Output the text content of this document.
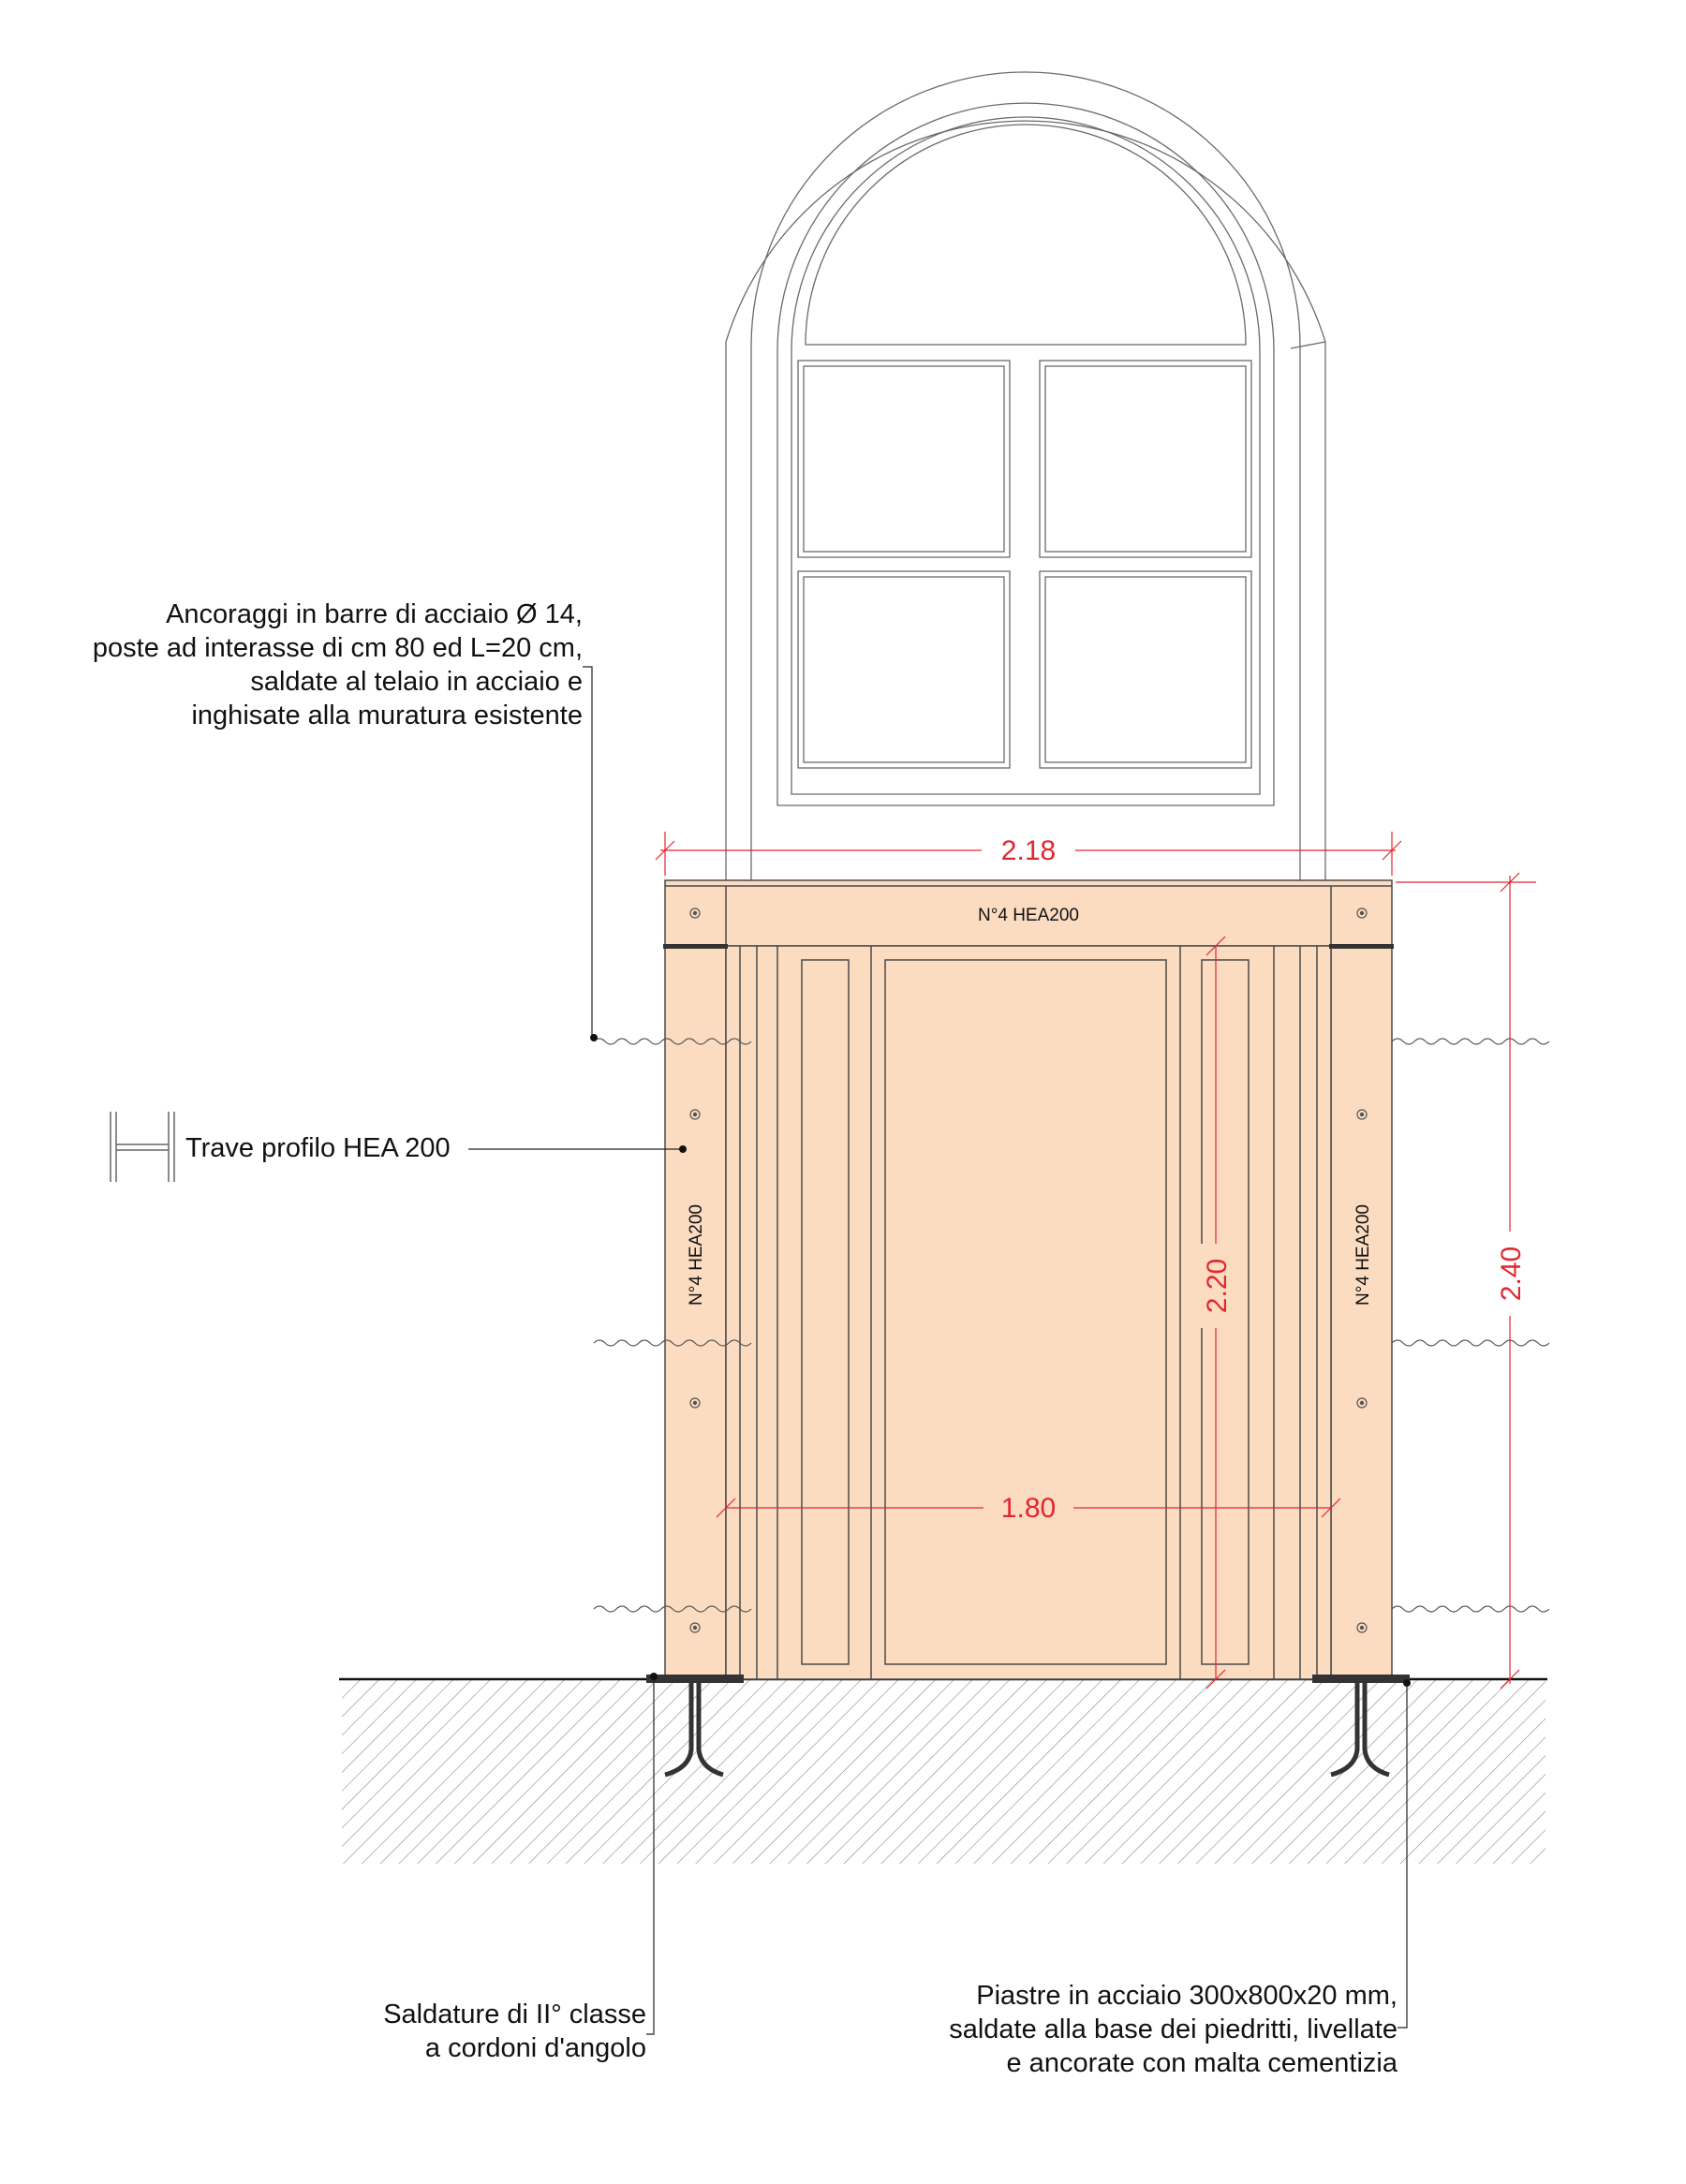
N°4 HEA200
N°4 HEA200	N°4 HEA200
2.18
2.40
2.20
1.80
Ancoraggi in barre di acciaio Ø 14,
poste ad interasse di cm 80 ed L=20 cm,
saldate al telaio in acciaio e
inghisate alla muratura esistente
Trave profilo HEA 200
Saldature di II° classe
a cordoni d'angolo
Piastre in acciaio 300x800x20 mm,
saldate alla base dei piedritti, livellate
e ancorate con malta cementizia
